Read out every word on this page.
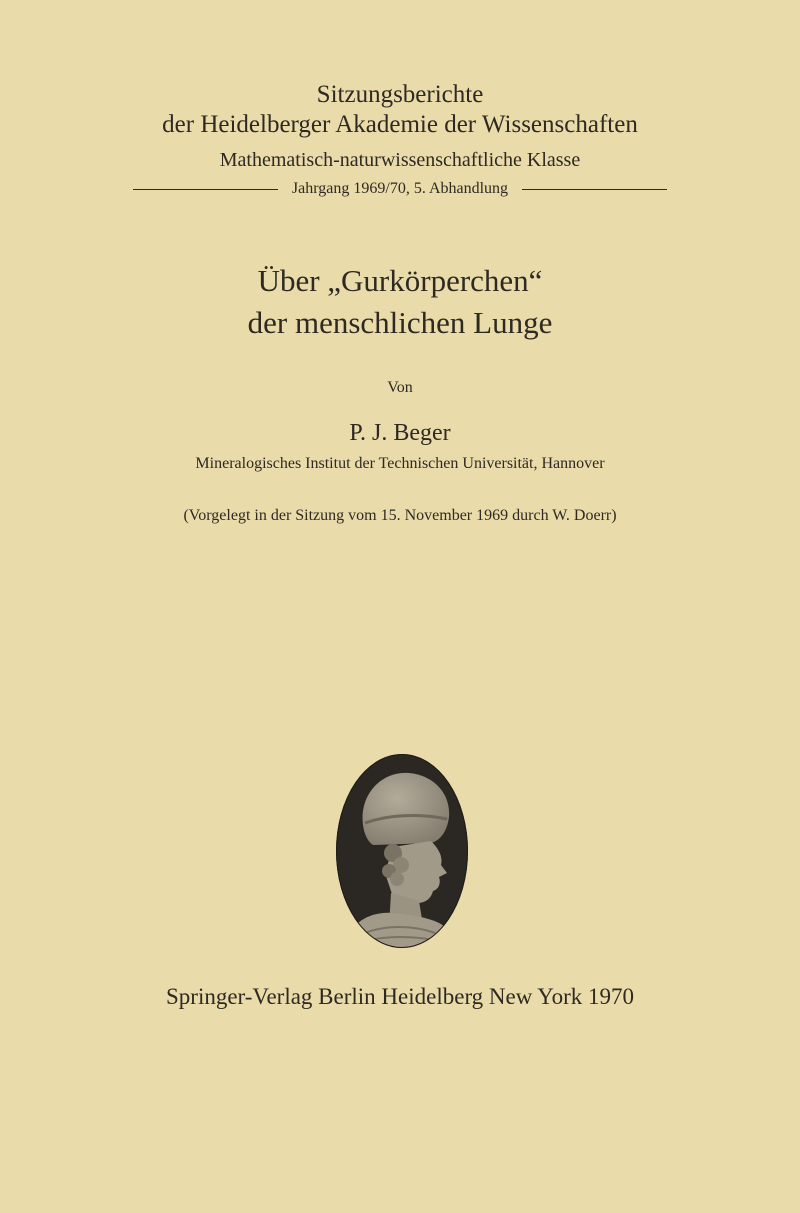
Sitzungsberichte
der Heidelberger Akademie der Wissenschaften
Mathematisch-naturwissenschaftliche Klasse
Jahrgang 1969/70, 5. Abhandlung
Über „Gurkörperchen“
der menschlichen Lunge
Von
P. J. Beger
Mineralogisches Institut der Technischen Universität, Hannover
(Vorgelegt in der Sitzung vom 15. November 1969 durch W. Doerr)
Springer-Verlag Berlin Heidelberg New York 1970
